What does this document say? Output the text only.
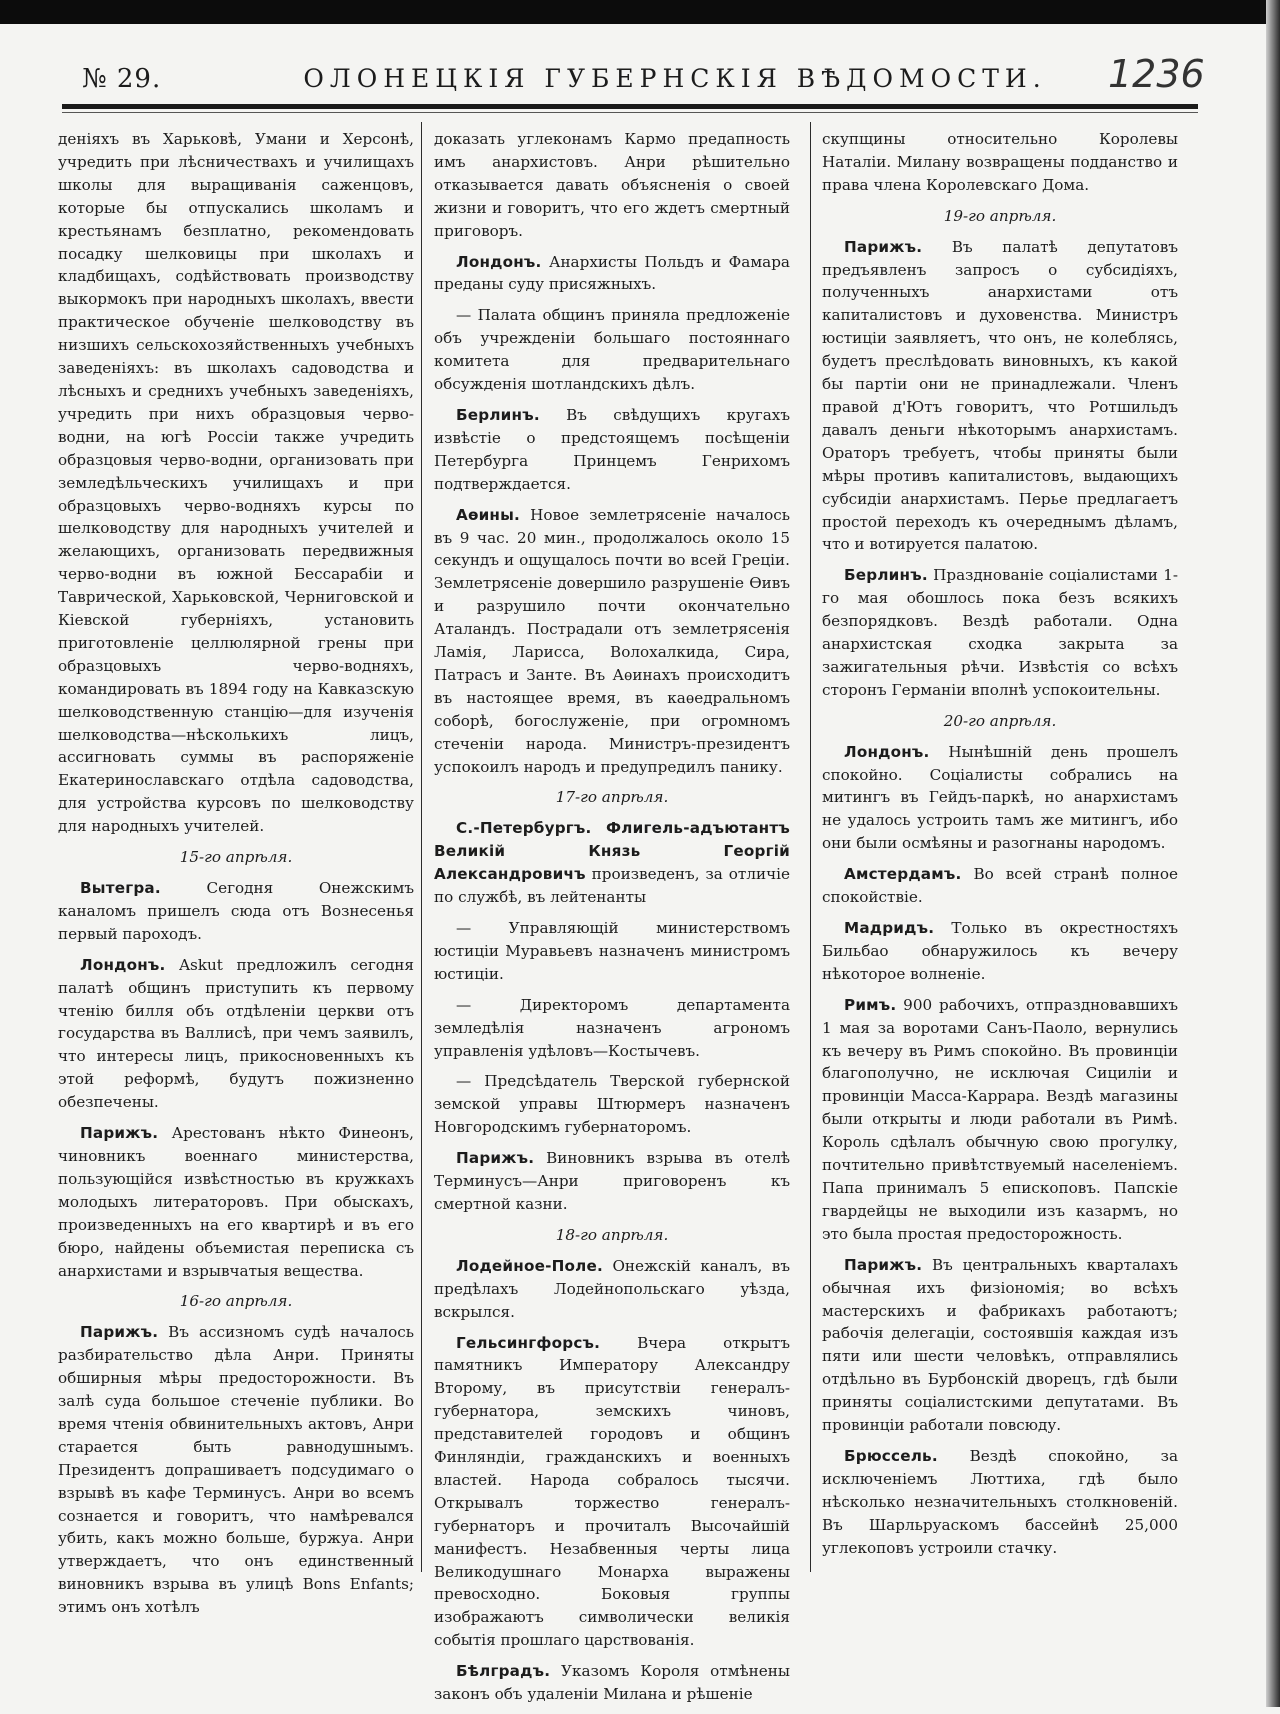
№ 29.	ОЛОНЕЦКІЯ ГУБЕРНСКІЯ ВѢДОМОСТИ.	1236

деніяхъ въ Харьковѣ, Умани и Херсонѣ, учредить при лѣсничествахъ и училищахъ школы для выращиванія саженцовъ, которые бы отпускались школамъ и крестьянамъ безплатно, рекомендовать посадку шелковицы при школахъ и кладбищахъ, содѣйствовать производству выкормокъ при народныхъ школахъ, ввести практическое обученіе шелководству въ низшихъ сельскохозяйственныхъ учебныхъ заведеніяхъ: въ школахъ садоводства и лѣсныхъ и среднихъ учебныхъ заведеніяхъ, учредить при нихъ образцовыя черво-водни, на югѣ Россіи также учредить образцовыя черво-водни, организовать при земледѣльческихъ училищахъ и при образцовыхъ черво-водняхъ курсы по шелководству для народныхъ учителей и желающихъ, организовать передвижныя черво-водни въ южной Бессарабіи и Таврической, Харьковской, Черниговской и Кіевской губерніяхъ, установить приготовленіе целлюлярной грены при образцовыхъ черво-водняхъ, командировать въ 1894 году на Кавказскую шелководственную станцію—для изученія шелководства—нѣсколькихъ лицъ, ассигновать суммы въ распоряженіе Екатеринославскаго отдѣла садоводства, для устройства курсовъ по шелководству для народныхъ учителей.

15-го апрѣля.

Вытегра.	Сегодня Онежскимъ каналомъ пришелъ сюда отъ Вознесенья первый пароходъ.

Лондонъ. Askut предложилъ сегодня палатѣ общинъ приступить къ первому чтенію билля объ отдѣленіи церкви отъ государства въ Валлисѣ, при чемъ заявилъ, что интересы лицъ, прикосновенныхъ къ этой реформѣ, будутъ пожизненно обезпечены.

Парижъ. Арестованъ нѣкто Финеонъ, чиновникъ военнаго министерства, пользующійся извѣстностью въ кружкахъ молодыхъ литераторовъ. При обыскахъ, произведенныхъ на его квартирѣ и въ его бюро, найдены объемистая переписка съ анархистами и взрывчатыя вещества.

16-го апрѣля.

Парижъ. Въ ассизномъ судѣ началось разбирательство дѣла Анри. Приняты обширныя мѣры предосторожности. Въ залѣ суда большое стеченіе публики. Во время чтенія обвинительныхъ актовъ, Анри старается быть равнодушнымъ. Президентъ допрашиваетъ подсудимаго о взрывѣ въ кафе Терминусъ. Анри во всемъ сознается и говоритъ, что намѣревался убить, какъ можно больше, буржуа. Анри утверждаетъ, что онъ единственный виновникъ взрыва въ улицѣ Bons Enfants; этимъ онъ хотѣлъ

доказать углеконамъ Кармо предапность имъ анархистовъ. Анри рѣшительно отказывается давать объясненія о своей жизни и говоритъ, что его ждетъ смертный приговоръ.

Лондонъ. Анархисты Польдъ и Фамара преданы суду присяжныхъ.

— Палата общинъ приняла предложеніе объ учрежденіи большаго постояннаго комитета для предварительнаго обсужденія шотландскихъ дѣлъ.

Берлинъ. Въ свѣдущихъ кругахъ извѣстіе о предстоящемъ посѣщеніи Петербурга Принцемъ Генрихомъ подтверждается.

Аѳины. Новое землетрясеніе началось въ 9 час. 20 мин., продолжалось около 15 секундъ и ощущалось почти во всей Греціи. Землетрясеніе довершило разрушеніе Ѳивъ и разрушило почти окончательно Аталандъ. Пострадали отъ землетрясенія Ламія, Ларисса, Волохалкида, Сира, Патрасъ и Занте. Въ Аѳинахъ происходитъ въ настоящее время, въ каѳедральномъ соборѣ, богослуженіе, при огромномъ стеченіи народа. Министръ-президентъ успокоилъ народъ и предупредилъ панику.

17-го апрѣля.

С.-Петербургъ. Флигель-адъютантъ Великій Князь Георгій Александровичъ произведенъ, за отличіе по службѣ, въ лейтенанты

— Управляющій министерствомъ юстиціи Муравьевъ назначенъ министромъ юстиціи.

— Директоромъ департамента земледѣлія назначенъ агрономъ управленія удѣловъ—Костычевъ.

— Предсѣдатель Тверской губернской земской управы Штюрмеръ назначенъ Новгородскимъ губернаторомъ.

Парижъ. Виновникъ взрыва въ отелѣ Терминусъ—Анри приговоренъ къ смертной казни.

18-го апрѣля.

Лодейное-Поле. Онежскій каналъ, въ предѣлахъ Лодейнопольскаго уѣзда, вскрылся.

Гельсингфорсъ. Вчера открытъ памятникъ Императору Александру Второму, въ присутствіи генералъ-губернатора, земскихъ чиновъ, представителей городовъ и общинъ Финляндіи, гражданскихъ и военныхъ властей. Народа собралось тысячи. Открывалъ торжество генералъ-губернаторъ и прочиталъ Высочайшій манифестъ. Незабвенныя черты лица Великодушнаго Монарха выражены превосходно. Боковыя группы изображаютъ символически великія событія прошлаго царствованія.

Бѣлградъ. Указомъ Короля отмѣнены законъ объ удаленіи Милана и рѣшеніе

скупщины относительно Королевы Наталіи. Милану возвращены подданство и права члена Королевскаго Дома.

19-го апрѣля.

Парижъ. Въ палатѣ депутатовъ предъявленъ запросъ о субсидіяхъ, полученныхъ анархистами отъ капиталистовъ и духовенства. Министръ юстиціи заявляетъ, что онъ, не колеблясь, будетъ преслѣдовать виновныхъ, къ какой бы партіи они не принадлежали. Членъ правой д'Ютъ говоритъ, что Ротшильдъ давалъ деньги нѣкоторымъ анархистамъ. Ораторъ требуетъ, чтобы приняты были мѣры противъ капиталистовъ, выдающихъ субсидіи анархистамъ. Перье предлагаетъ простой переходъ къ очереднымъ дѣламъ, что и вотируется палатою.

Берлинъ. Празднованіе соціалистами 1-го мая обошлось пока безъ всякихъ безпорядковъ. Вездѣ работали. Одна анархистская сходка закрыта за зажигательныя рѣчи. Извѣстія со всѣхъ сторонъ Германіи вполнѣ успокоительны.

20-го апрѣля.

Лондонъ. Нынѣшній день прошелъ спокойно. Соціалисты собрались на митингъ въ Гейдъ-паркѣ, но анархистамъ не удалось устроить тамъ же митингъ, ибо они были осмѣяны и разогнаны народомъ.

Амстердамъ. Во всей странѣ полное спокойствіе.

Мадридъ. Только въ окрестностяхъ Бильбао обнаружилось къ вечеру нѣкоторое волненіе.

Римъ. 900 рабочихъ, отпраздновавшихъ 1 мая за воротами Санъ-Паоло, вернулись къ вечеру въ Римъ спокойно. Въ провинціи благополучно, не исключая Сициліи и провинціи Масса-Каррара. Вездѣ магазины были открыты и люди работали въ Римѣ. Король сдѣлалъ обычную свою прогулку, почтительно привѣтствуемый населеніемъ. Папа принималъ 5 епископовъ. Папскіе гвардейцы не выходили изъ казармъ, но это была простая предосторожность.

Парижъ. Въ центральныхъ кварталахъ обычная ихъ физіономія; во всѣхъ мастерскихъ и фабрикахъ работаютъ; рабочія делегаціи, состоявшія каждая изъ пяти или шести человѣкъ, отправлялись отдѣльно въ Бурбонскій дворецъ, гдѣ были приняты соціалистскими депутатами. Въ провинціи работали повсюду.

Брюссель. Вездѣ спокойно, за исключеніемъ Люттиха, гдѣ было нѣсколько незначительныхъ столкновеній. Въ Шарльруаскомъ бассейнѣ 25,000 углекоповъ устроили стачку.
